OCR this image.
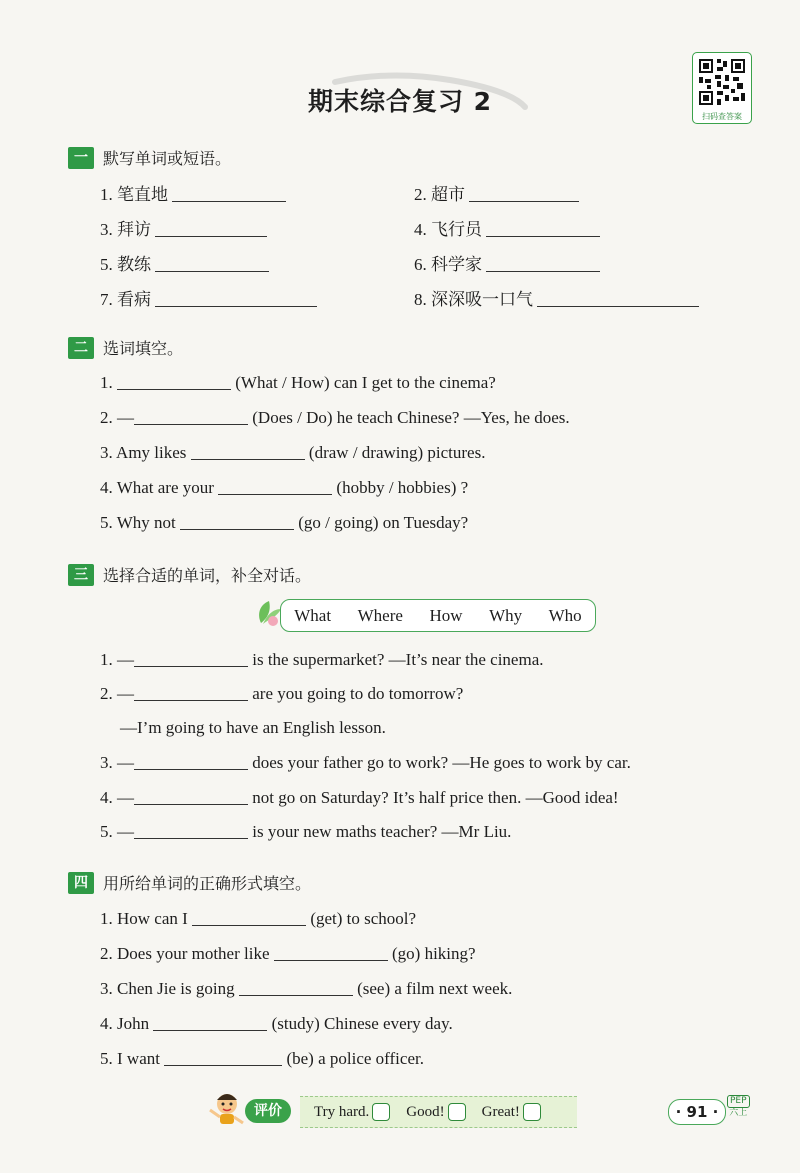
期末综合复习 2
扫码查答案
一 默写单词或短语。
1. 笔直地	2. 超市
3. 拜访	4. 飞行员
5. 教练	6. 科学家
7. 看病	8. 深深吸一口气
二 选词填空。
1.	(What / How) can I get to the cinema?
2. —	(Does / Do) he teach Chinese? —Yes, he does.
3. Amy likes	(draw / drawing) pictures.
4. What are your	(hobby / hobbies) ?
5. Why not	(go / going) on Tuesday?
三 选择合适的单词，补全对话。
What Where How Why Who
1. —	is the supermarket? —It’s near the cinema.
2. —	are you going to do tomorrow?
—I’m going to have an English lesson.
3. —	does your father go to work? —He goes to work by car.
4. —	not go on Saturday? It’s half price then. —Good idea!
5. —	is your new maths teacher? —Mr Liu.
四 用所给单词的正确形式填空。
1. How can I	(get) to school?
2. Does your mother like	(go) hiking?
3. Chen Jie is going	(see) a film next week.
4. John	(study) Chinese every day.
5. I want	(be) a police officer.
评价	Try hard. Good! Great!	· 91 ·
PEP
六上
